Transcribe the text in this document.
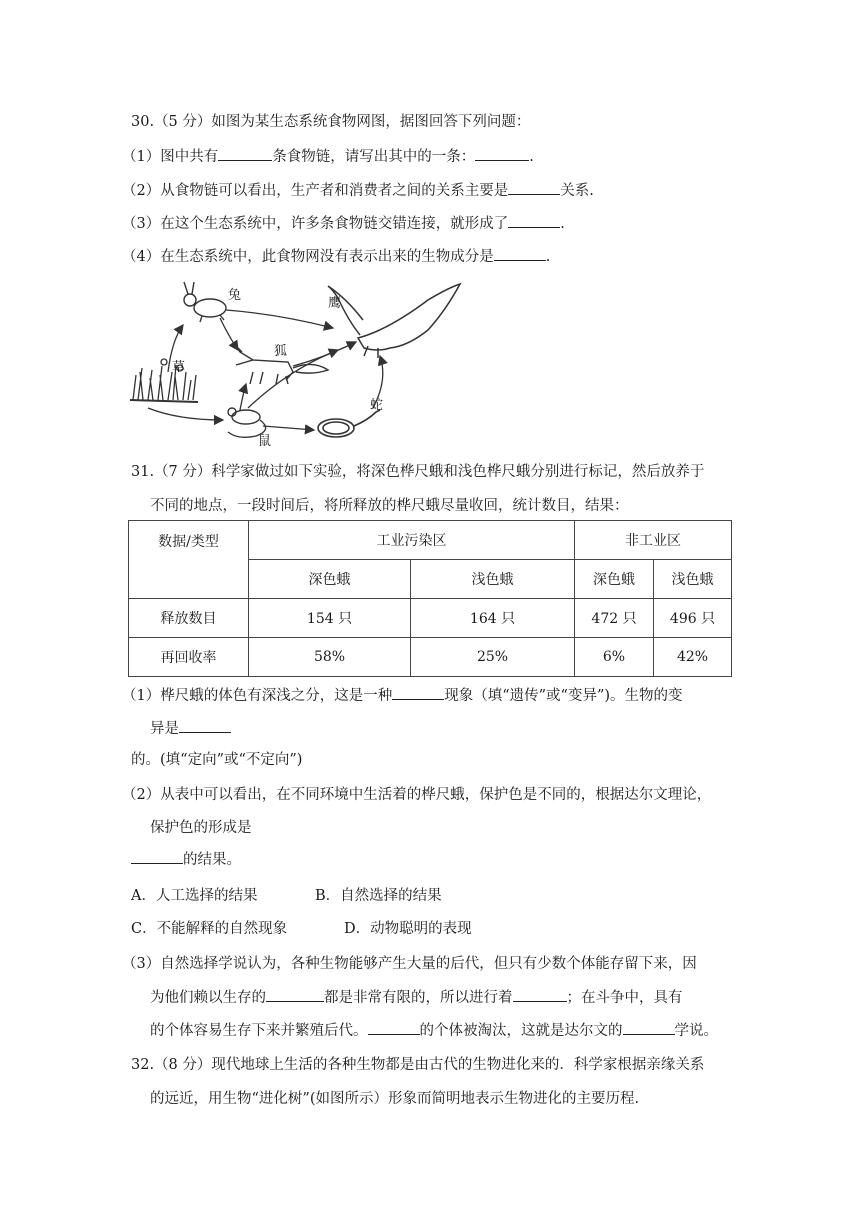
30.（5 分）如图为某生态系统食物网图，据图回答下列问题：
（1）图中共有	条食物链，请写出其中的一条：	.
（2）从食物链可以看出，生产者和消费者之间的关系主要是	关系.
（3）在这个生态系统中，许多条食物链交错连接，就形成了	.
（4）在生态系统中，此食物网没有表示出来的生物成分是	.
兔
鹰
狐
草
蛇
鼠
31.（7 分）科学家做过如下实验，将深色桦尺蛾和浅色桦尺蛾分别进行标记，然后放养于
不同的地点，一段时间后，将所释放的桦尺蛾尽量收回，统计数目，结果：
数据/类型	工业污染区		非工业区	
	深色蛾	浅色蛾	深色蛾	浅色蛾
释放数目	154 只	164 只	472 只	496 只
再回收率	58%	25%	6%	42%
（1）桦尺蛾的体色有深浅之分，这是一种	现象（填“遗传”或“变异”)。生物的变
异是
的。(填“定向”或“不定向”)
（2）从表中可以看出，在不同环境中生活着的桦尺蛾，保护色是不同的，根据达尔文理论，
保护色的形成是
的结果。
A．人工选择的结果	B．自然选择的结果
C．不能解释的自然现象	D．动物聪明的表现
（3）自然选择学说认为，各种生物能够产生大量的后代，但只有少数个体能存留下来，因
为他们赖以生存的	都是非常有限的，所以进行着	；在斗争中，具有
的个体容易生存下来并繁殖后代。	的个体被淘汰，这就是达尔文的	学说。
32.（8 分）现代地球上生活的各种生物都是由古代的生物进化来的．科学家根据亲缘关系
的远近，用生物“进化树”(如图所示）形象而简明地表示生物进化的主要历程.
